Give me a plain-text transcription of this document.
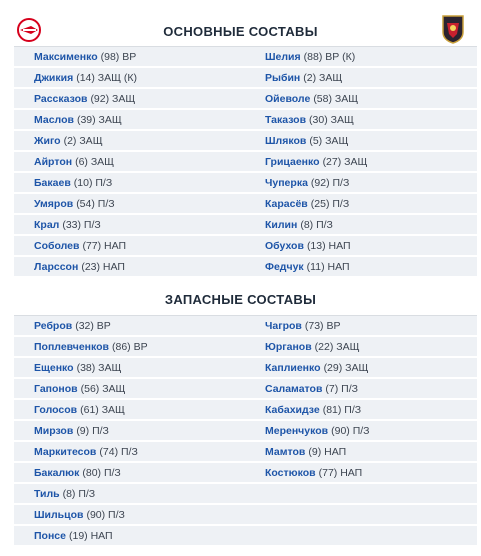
ОСНОВНЫЕ СОСТАВЫ
Максименко (98) ВР
Джикия (14) ЗАЩ (К)
Рассказов (92) ЗАЩ
Маслов (39) ЗАЩ
Жиго (2) ЗАЩ
Айртон (6) ЗАЩ
Бакаев (10) П/З
Умяров (54) П/З
Крал (33) П/З
Соболев (77) НАП
Ларссон (23) НАП
Шелия (88) ВР (К)
Рыбин (2) ЗАЩ
Ойеволе (58) ЗАЩ
Таказов (30) ЗАЩ
Шляков (5) ЗАЩ
Грицаенко (27) ЗАЩ
Чуперка (92) П/З
Карасёв (25) П/З
Килин (8) П/З
Обухов (13) НАП
Федчук (11) НАП
ЗАПАСНЫЕ СОСТАВЫ
Ребров (32) ВР
Поплевченков (86) ВР
Ещенко (38) ЗАЩ
Гапонов (56) ЗАЩ
Голосов (61) ЗАЩ
Мирзов (9) П/З
Маркитесов (74) П/З
Бакалюк (80) П/З
Тиль (8) П/З
Шильцов (90) П/З
Понсе (19) НАП
Чагров (73) ВР
Юрганов (22) ЗАЩ
Каплиенко (29) ЗАЩ
Саламатов (7) П/З
Кабахидзе (81) П/З
Меренчуков (90) П/З
Мамтов (9) НАП
Костюков (77) НАП
